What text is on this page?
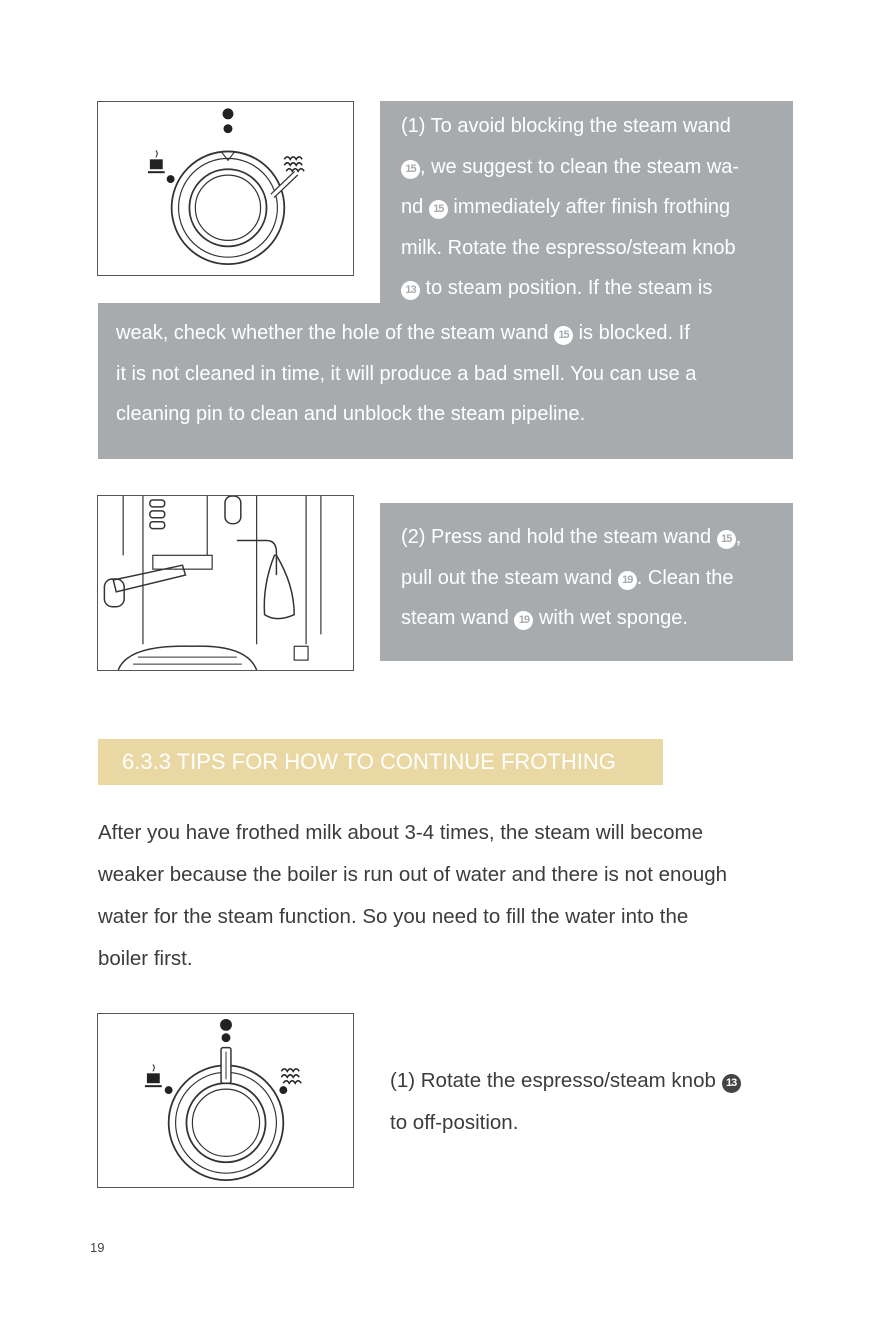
(1) To avoid blocking the steam wand

15 , we suggest to clean the steam wa-

nd 15 immediately after finish frothing

milk. Rotate the espresso/steam knob

13 to steam position. If the steam is

weak, check whether the hole of the steam wand 15 is blocked. If

it is not cleaned in time, it will produce a bad smell. You can use a

cleaning pin to clean and unblock the steam pipeline.

(2) Press and hold the steam wand 15 ,

pull out the steam wand 19 . Clean the

steam wand 19 with wet sponge.

6.3.3 TIPS FOR HOW TO CONTINUE FROTHING

After you have frothed milk about 3-4 times, the steam will become

weaker because the boiler is run out of water and there is not enough

water for the steam function. So you need to fill the water into the

boiler first.

(1) Rotate the espresso/steam knob 13

to off-position.

19
